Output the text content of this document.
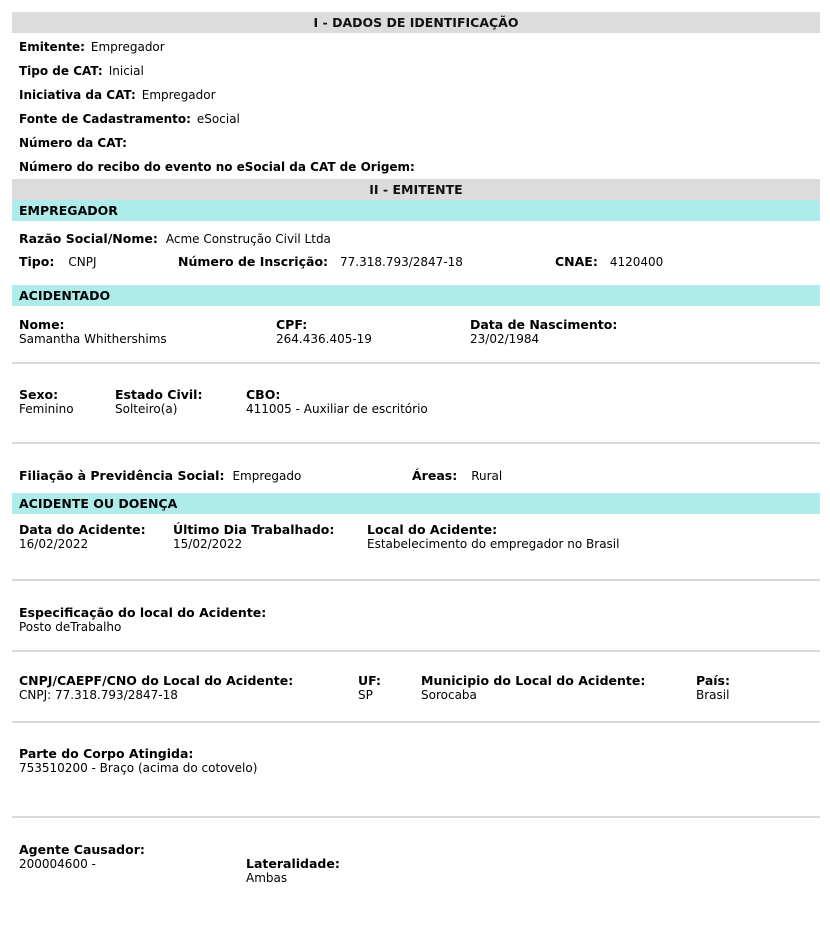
I - DADOS DE IDENTIFICAÇÃO
Emitente: Empregador
Tipo de CAT: Inicial
Iniciativa da CAT: Empregador
Fonte de Cadastramento: eSocial
Número da CAT:
Número do recibo do evento no eSocial da CAT de Origem:
II - EMITENTE
EMPREGADOR
Razão Social/Nome: Acme Construção Civil Ltda
Tipo: CNPJ	Número de Inscrição: 77.318.793/2847-18	CNAE: 4120400
ACIDENTADO
Nome:
Samantha Whithershims
CPF:
264.436.405-19
Data de Nascimento:
23/02/1984
Sexo:
Feminino
Estado Civil:
Solteiro(a)
CBO:
411005 - Auxiliar de escritório
Filiação à Previdência Social: Empregado	Áreas: Rural
ACIDENTE OU DOENÇA
Data do Acidente:
16/02/2022
Último Dia Trabalhado:
15/02/2022
Local do Acidente:
Estabelecimento do empregador no Brasil
Especificação do local do Acidente:
Posto deTrabalho
CNPJ/CAEPF/CNO do Local do Acidente:
CNPJ: 77.318.793/2847-18
UF:
SP
Municipio do Local do Acidente:
Sorocaba
País:
Brasil
Parte do Corpo Atingida:
753510200 - Braço (acima do cotovelo)
Agente Causador:
200004600 -	Lateralidade:
Ambas
